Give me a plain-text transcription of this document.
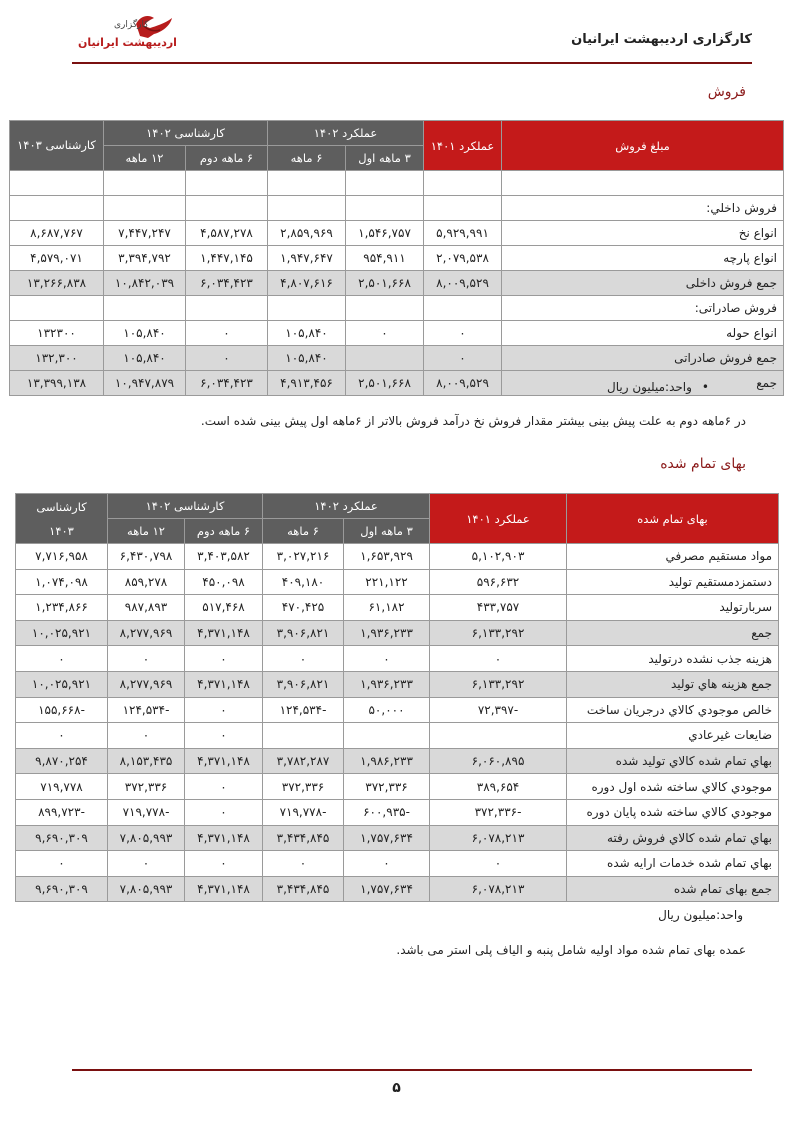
کارگزاری اردیبهشت ایرانیان
کارگزاری
اردیبهشت ایرانیان
فروش
مبلغ فروش	عملکرد ۱۴۰۱	عملکرد ۱۴۰۲		کارشناسی ۱۴۰۲		کارشناسی ۱۴۰۳
		۳ ماهه اول	۶ ماهه	۶ ماهه دوم	۱۲ ماهه	

فروش داخلي:						
انواع نخ	۵,۹۲۹,۹۹۱	۱,۵۴۶,۷۵۷	۲,۸۵۹,۹۶۹	۴,۵۸۷,۲۷۸	۷,۴۴۷,۲۴۷	۸,۶۸۷,۷۶۷
انواع پارچه	۲,۰۷۹,۵۳۸	۹۵۴,۹۱۱	۱,۹۴۷,۶۴۷	۱,۴۴۷,۱۴۵	۳,۳۹۴,۷۹۲	۴,۵۷۹,۰۷۱
جمع فروش داخلی	۸,۰۰۹,۵۲۹	۲,۵۰۱,۶۶۸	۴,۸۰۷,۶۱۶	۶,۰۳۴,۴۲۳	۱۰,۸۴۲,۰۳۹	۱۳,۲۶۶,۸۳۸
فروش صادراتی:						
انواع حوله	۰	۰	۱۰۵,۸۴۰	۰	۱۰۵,۸۴۰	۱۳۲۳۰۰
جمع فروش صادراتی	۰		۱۰۵,۸۴۰	۰	۱۰۵,۸۴۰	۱۳۲,۳۰۰
جمع	۸,۰۰۹,۵۲۹	۲,۵۰۱,۶۶۸	۴,۹۱۳,۴۵۶	۶,۰۳۴,۴۲۳	۱۰,۹۴۷,۸۷۹	۱۳,۳۹۹,۱۳۸	•واحد:میلیون ریال
در ۶ماهه دوم به علت پیش بینی بیشتر مقدار فروش نخ درآمد فروش بالاتر از ۶ماهه اول پیش بینی شده است.
بهای تمام شده
بهای تمام شده	عملکرد ۱۴۰۱	عملکرد ۱۴۰۲		کارشناسی ۱۴۰۲		کارشناسی
۱۴۰۳

		۳ ماهه اول	۶ ماهه	۶ ماهه دوم	۱۲ ماهه	
مواد مستقيم مصرفي	۵,۱۰۲,۹۰۳	۱,۶۵۳,۹۲۹	۳,۰۲۷,۲۱۶	۳,۴۰۳,۵۸۲	۶,۴۳۰,۷۹۸	۷,۷۱۶,۹۵۸
دستمزدمستقيم توليد	۵۹۶,۶۳۲	۲۲۱,۱۲۲	۴۰۹,۱۸۰	۴۵۰,۰۹۸	۸۵۹,۲۷۸	۱,۰۷۴,۰۹۸
سربارتوليد	۴۳۳,۷۵۷	۶۱,۱۸۲	۴۷۰,۴۲۵	۵۱۷,۴۶۸	۹۸۷,۸۹۳	۱,۲۳۴,۸۶۶
جمع	۶,۱۳۳,۲۹۲	۱,۹۳۶,۲۳۳	۳,۹۰۶,۸۲۱	۴,۳۷۱,۱۴۸	۸,۲۷۷,۹۶۹	۱۰,۰۲۵,۹۲۱
هزينه جذب نشده درتوليد	۰	۰	۰	۰	۰	۰
جمع هزينه هاي توليد	۶,۱۳۳,۲۹۲	۱,۹۳۶,۲۳۳	۳,۹۰۶,۸۲۱	۴,۳۷۱,۱۴۸	۸,۲۷۷,۹۶۹	۱۰,۰۲۵,۹۲۱
خالص موجودي كالاي درجريان ساخت	-۷۲,۳۹۷	۵۰,۰۰۰	-۱۲۴,۵۳۴	۰	-۱۲۴,۵۳۴	-۱۵۵,۶۶۸
ضايعات غيرعادي				۰	۰	۰
بهاي تمام شده كالاي توليد شده	۶,۰۶۰,۸۹۵	۱,۹۸۶,۲۳۳	۳,۷۸۲,۲۸۷	۴,۳۷۱,۱۴۸	۸,۱۵۳,۴۳۵	۹,۸۷۰,۲۵۴
موجودي كالاي ساخته شده اول دوره	۳۸۹,۶۵۴	۳۷۲,۳۳۶	۳۷۲,۳۳۶	۰	۳۷۲,۳۳۶	۷۱۹,۷۷۸
موجودي كالاي ساخته شده پايان دوره	-۳۷۲,۳۳۶	-۶۰۰,۹۳۵	-۷۱۹,۷۷۸	۰	-۷۱۹,۷۷۸	-۸۹۹,۷۲۳
بهاي تمام شده كالاي فروش رفته	۶,۰۷۸,۲۱۳	۱,۷۵۷,۶۳۴	۳,۴۳۴,۸۴۵	۴,۳۷۱,۱۴۸	۷,۸۰۵,۹۹۳	۹,۶۹۰,۳۰۹
بهاي تمام شده خدمات ارايه شده	۰	۰	۰	۰	۰	۰
جمع بهای تمام شده	۶,۰۷۸,۲۱۳	۱,۷۵۷,۶۳۴	۳,۴۳۴,۸۴۵	۴,۳۷۱,۱۴۸	۷,۸۰۵,۹۹۳	۹,۶۹۰,۳۰۹
واحد:میلیون ریال
عمده بهای تمام شده مواد اولیه شامل پنبه و الیاف پلی استر می باشد.
۵
